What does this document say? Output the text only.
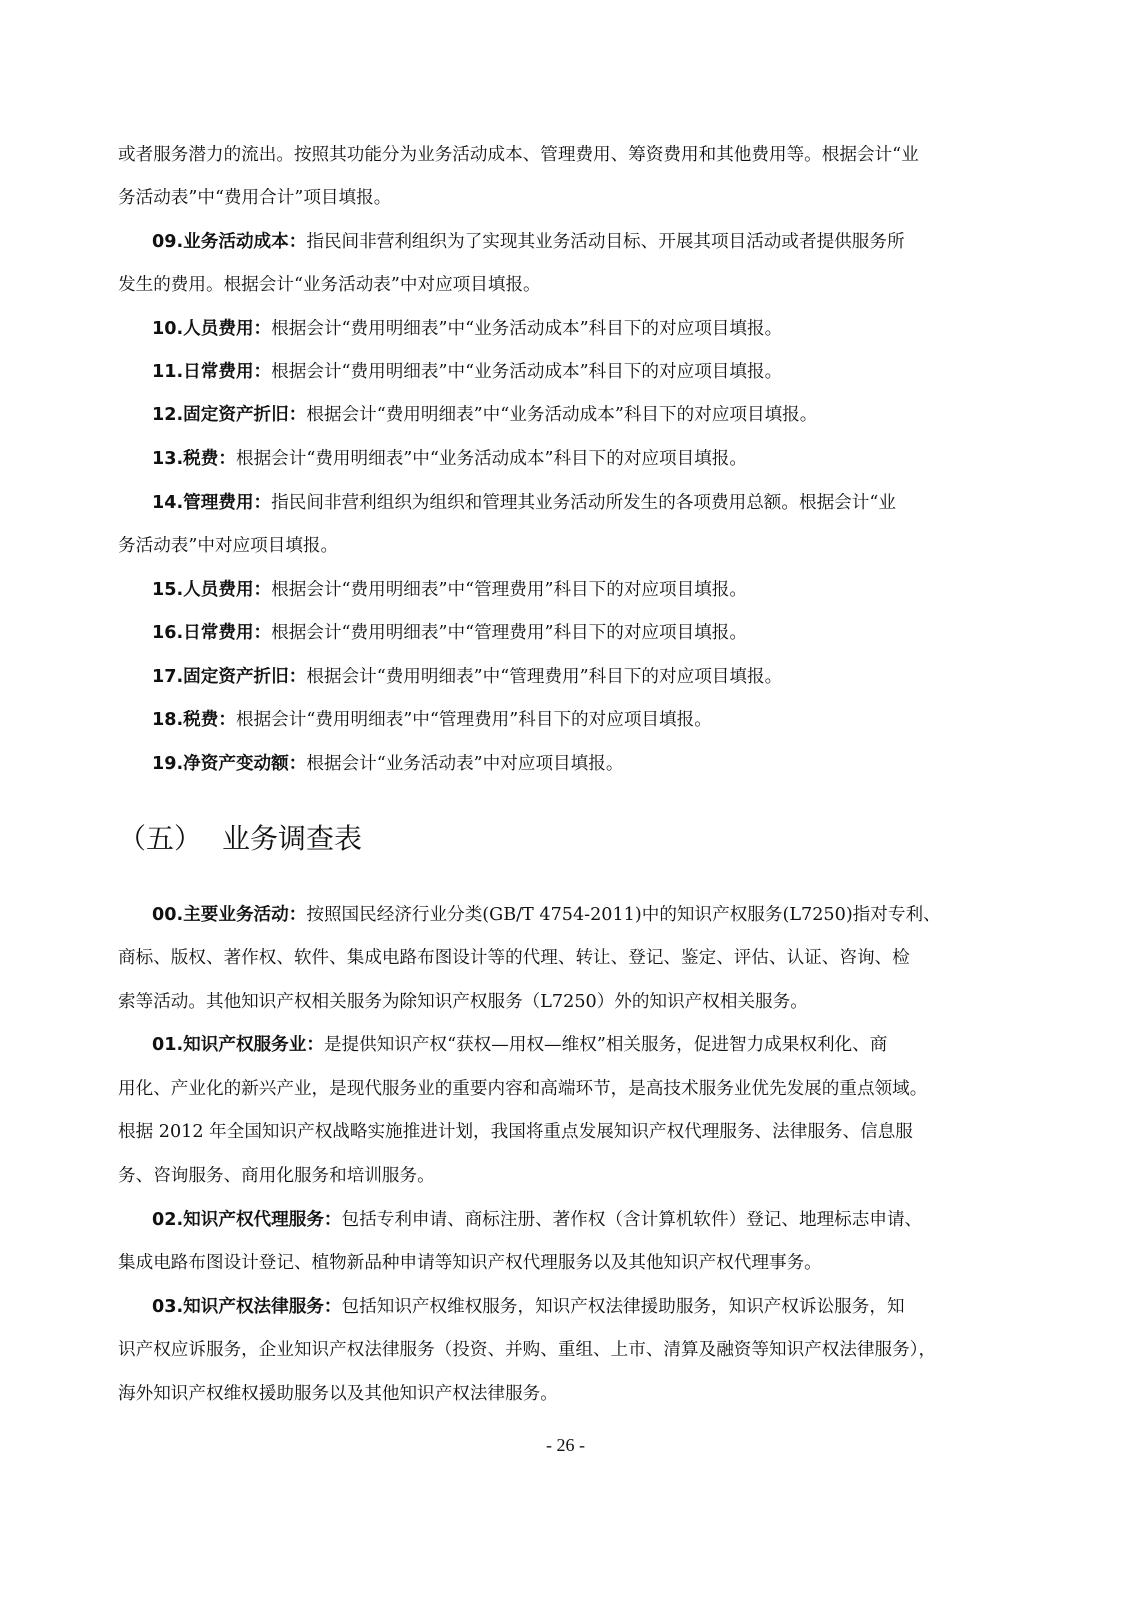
或者服务潜力的流出。按照其功能分为业务活动成本、管理费用、筹资费用和其他费用等。根据会计“业
务活动表”中“费用合计”项目填报。
09.业务活动成本：指民间非营利组织为了实现其业务活动目标、开展其项目活动或者提供服务所
发生的费用。根据会计“业务活动表”中对应项目填报。
10.人员费用：根据会计“费用明细表”中“业务活动成本”科目下的对应项目填报。
11.日常费用：根据会计“费用明细表”中“业务活动成本”科目下的对应项目填报。
12.固定资产折旧：根据会计“费用明细表”中“业务活动成本”科目下的对应项目填报。
13.税费：根据会计“费用明细表”中“业务活动成本”科目下的对应项目填报。
14.管理费用：指民间非营利组织为组织和管理其业务活动所发生的各项费用总额。根据会计“业
务活动表”中对应项目填报。
15.人员费用：根据会计“费用明细表”中“管理费用”科目下的对应项目填报。
16.日常费用：根据会计“费用明细表”中“管理费用”科目下的对应项目填报。
17.固定资产折旧：根据会计“费用明细表”中“管理费用”科目下的对应项目填报。
18.税费：根据会计“费用明细表”中“管理费用”科目下的对应项目填报。
19.净资产变动额：根据会计“业务活动表”中对应项目填报。
（五） 业务调查表
00.主要业务活动：按照国民经济行业分类(GB/T 4754-2011)中的知识产权服务(L7250)指对专利、
商标、版权、著作权、软件、集成电路布图设计等的代理、转让、登记、鉴定、评估、认证、咨询、检
索等活动。其他知识产权相关服务为除知识产权服务（L7250）外的知识产权相关服务。
01.知识产权服务业：是提供知识产权“获权—用权—维权”相关服务，促进智力成果权利化、商
用化、产业化的新兴产业，是现代服务业的重要内容和高端环节，是高技术服务业优先发展的重点领域。
根据 2012 年全国知识产权战略实施推进计划，我国将重点发展知识产权代理服务、法律服务、信息服
务、咨询服务、商用化服务和培训服务。
02.知识产权代理服务：包括专利申请、商标注册、著作权（含计算机软件）登记、地理标志申请、
集成电路布图设计登记、植物新品种申请等知识产权代理服务以及其他知识产权代理事务。
03.知识产权法律服务：包括知识产权维权服务，知识产权法律援助服务，知识产权诉讼服务，知
识产权应诉服务，企业知识产权法律服务（投资、并购、重组、上市、清算及融资等知识产权法律服务），
海外知识产权维权援助服务以及其他知识产权法律服务。
- 26 -
